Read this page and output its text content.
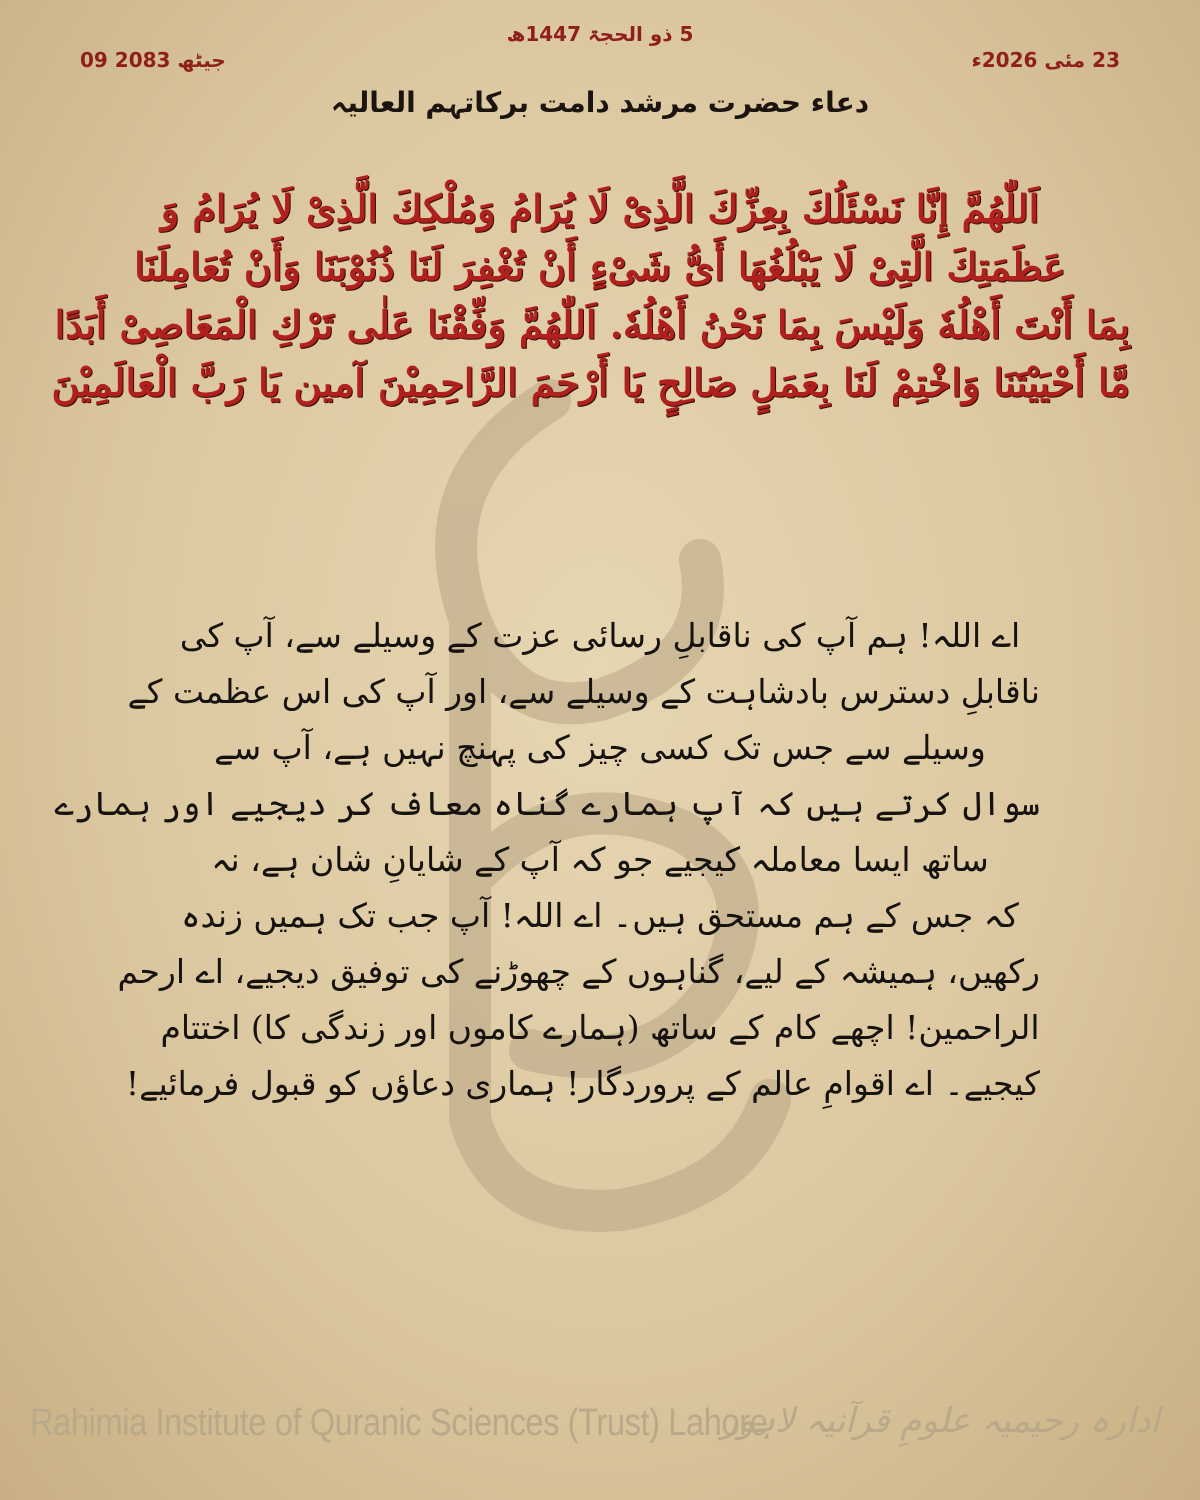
09 جیٹھ 2083
5 ذو الحجۃ 1447ھ
23 مئی 2026ء
دعاء حضرت مرشد دامت برکاتہم العالیہ
اَللّٰهُمَّ إِنَّا نَسْئَلُكَ بِعِزِّكَ الَّذِىْ لَا يُرَامُ وَمُلْكِكَ الَّذِىْ لَا يُرَامُ وَ
عَظَمَتِكَ الَّتِىْ لَا يَبْلُغُهَا أَىُّ شَىْءٍ أَنْ تُغْفِرَ لَنَا ذُنُوْبَنَا وَأَنْ تُعَامِلَنَا
بِمَا أَنْتَ أَهْلُهٗ وَلَيْسَ بِمَا نَحْنُ أَهْلُهٗ. اَللّٰهُمَّ وَفِّقْنَا عَلٰى تَرْكِ الْمَعَاصِىْ أَبَدًا
مَّا أَحْيَيْتَنَا وَاخْتِمْ لَنَا بِعَمَلٍ صَالِحٍ يَا أَرْحَمَ الرَّاحِمِيْنَ آمين يَا رَبَّ الْعَالَمِيْنَ
اے اللہ! ہم آپ کی ناقابلِ رسائی عزت کے وسیلے سے، آپ کی
ناقابلِ دسترس بادشاہت کے وسیلے سے، اور آپ کی اس عظمت کے
وسیلے سے جس تک کسی چیز کی پہنچ نہیں ہے، آپ سے
سوال کرتے ہیں کہ آپ ہمارے گناہ معاف کر دیجیے اور ہمارے
ساتھ ایسا معاملہ کیجیے جو کہ آپ کے شایانِ شان ہے، نہ
کہ جس کے ہم مستحق ہیں۔ اے اللہ! آپ جب تک ہمیں زندہ
رکھیں، ہمیشہ کے لیے، گناہوں کے چھوڑنے کی توفیق دیجیے، اے ارحم
الراحمین! اچھے کام کے ساتھ (ہمارے کاموں اور زندگی کا) اختتام
کیجیے۔ اے اقوامِ عالم کے پروردگار! ہماری دعاؤں کو قبول فرمائیے!
Rahimia Institute of Quranic Sciences (Trust) Lahore
ادارہ رحیمیہ علومِ قرآنیہ لاہور
